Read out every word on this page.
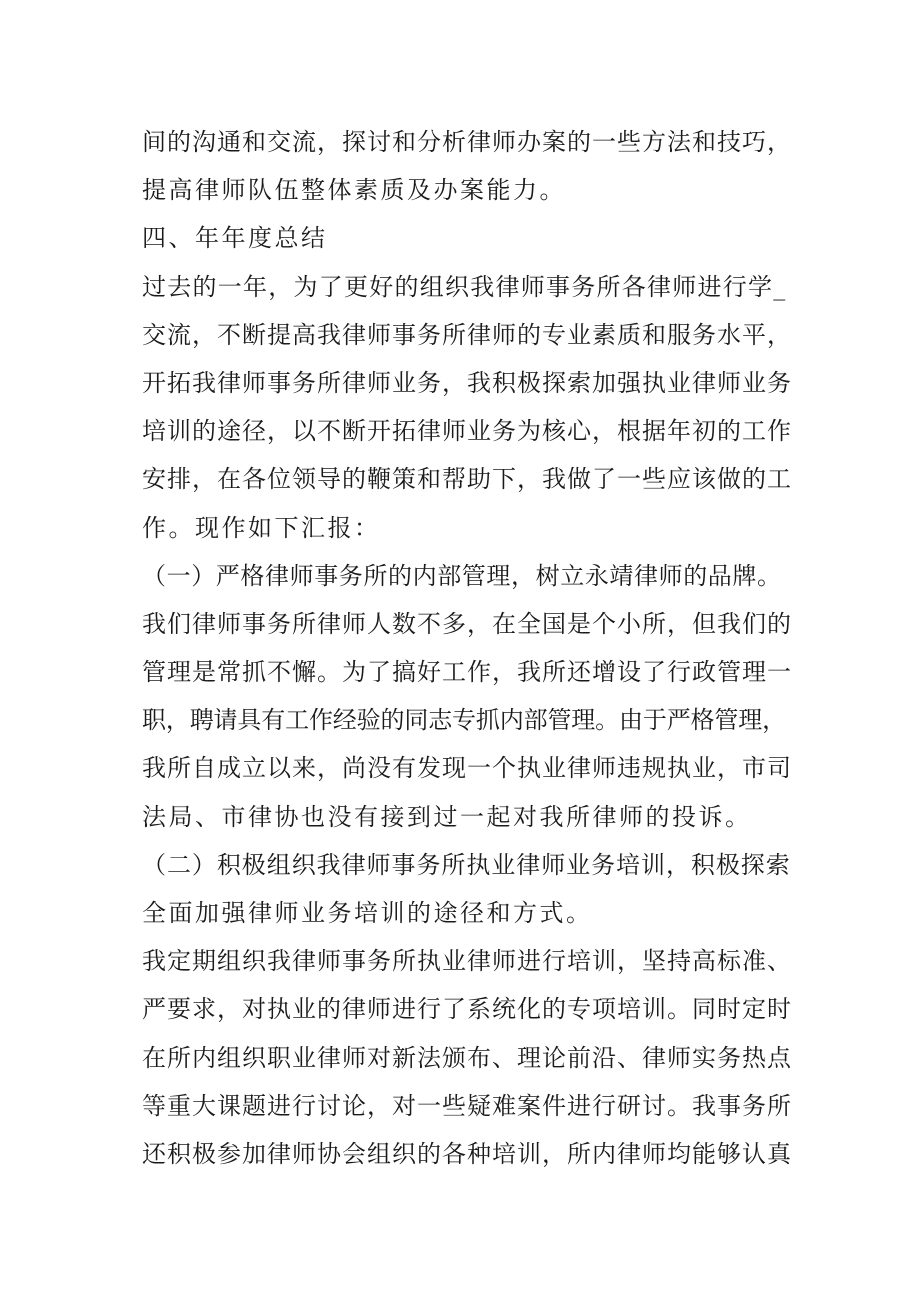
间的沟通和交流，探讨和分析律师办案的一些方法和技巧，
提高律师队伍整体素质及办案能力。
四、年年度总结
过去的一年，为了更好的组织我律师事务所各律师进行学_
交流，不断提高我律师事务所律师的专业素质和服务水平，
开拓我律师事务所律师业务，我积极探索加强执业律师业务
培训的途径，以不断开拓律师业务为核心，根据年初的工作
安排，在各位领导的鞭策和帮助下，我做了一些应该做的工
作。现作如下汇报：
（一）严格律师事务所的内部管理，树立永靖律师的品牌。
我们律师事务所律师人数不多，在全国是个小所，但我们的
管理是常抓不懈。为了搞好工作，我所还增设了行政管理一
职，聘请具有工作经验的同志专抓内部管理。由于严格管理，
我所自成立以来，尚没有发现一个执业律师违规执业，市司
法局、市律协也没有接到过一起对我所律师的投诉。
（二）积极组织我律师事务所执业律师业务培训，积极探索
全面加强律师业务培训的途径和方式。
我定期组织我律师事务所执业律师进行培训，坚持高标准、
严要求，对执业的律师进行了系统化的专项培训。同时定时
在所内组织职业律师对新法颁布、理论前沿、律师实务热点
等重大课题进行讨论，对一些疑难案件进行研讨。我事务所
还积极参加律师协会组织的各种培训，所内律师均能够认真
